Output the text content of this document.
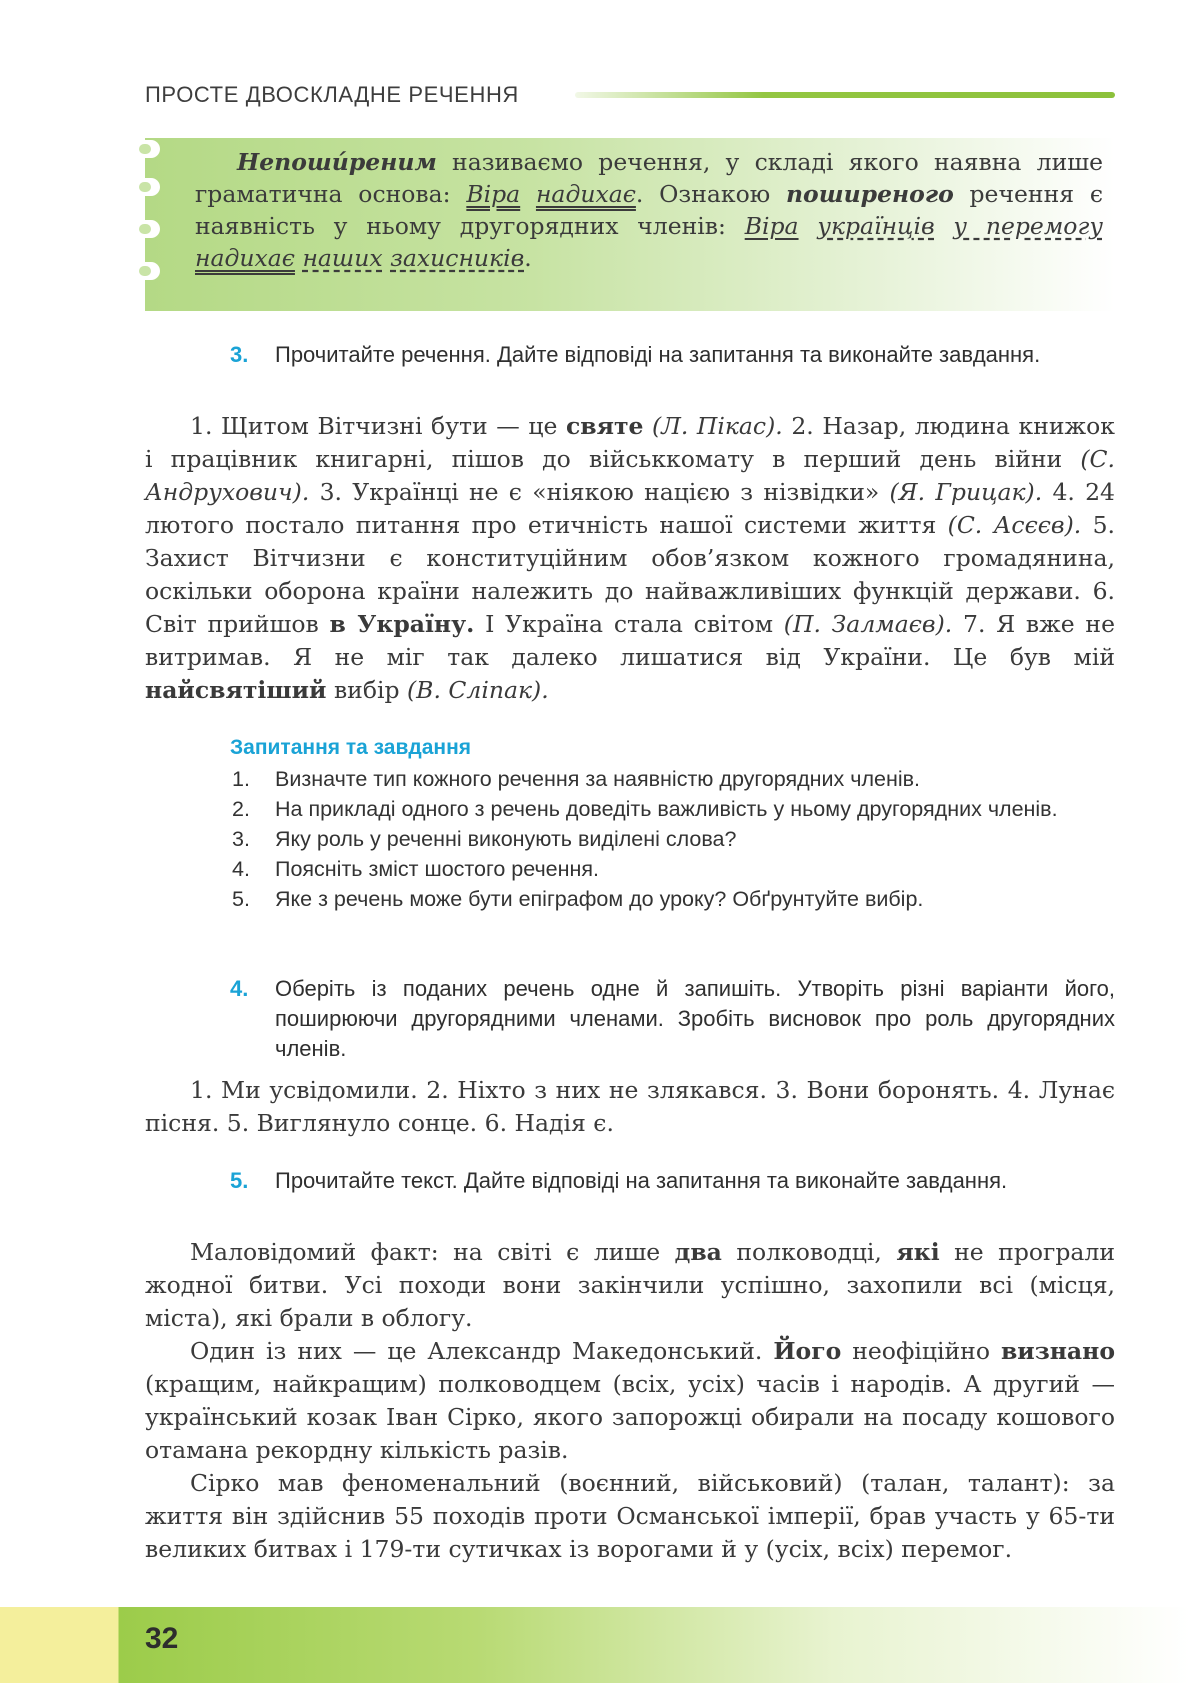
ПРОСТЕ ДВОСКЛАДНЕ РЕЧЕННЯ

Непоши́реним називаємо речення, у складі якого наявна лише граматична основа: Віра надихає. Ознакою поширеного речення є наявність у ньому другорядних членів: Віра українців у перемогу надихає наших захисників.

3. Прочитайте речення. Дайте відповіді на запитання та виконайте завдання.

1. Щитом Вітчизні бути — це святе (Л. Пікас). 2. Назар, людина книжок і працівник книгарні, пішов до військкомату в перший день війни (С. Андрухович). 3. Українці не є «ніякою нацією з нізвідки» (Я. Грицак). 4. 24 лютого постало питання про етичність нашої системи життя (С. Асєєв). 5. Захист Вітчизни є конституційним обов’язком кожного громадянина, оскільки оборона країни належить до найважливіших функцій держави. 6. Світ прийшов в Україну. І Україна стала світом (П. Залмаєв). 7. Я вже не витримав. Я не міг так далеко лишатися від України. Це був мій найсвятіший вибір (В. Сліпак).

Запитання та завдання
1. Визначте тип кожного речення за наявністю другорядних членів.
2. На прикладі одного з речень доведіть важливість у ньому другорядних членів.
3. Яку роль у реченні виконують виділені слова?
4. Поясніть зміст шостого речення.
5. Яке з речень може бути епіграфом до уроку? Обґрунтуйте вибір.
4. Оберіть із поданих речень одне й запишіть. Утворіть різні варіанти його, поширюючи другорядними членами. Зробіть висновок про роль другорядних членів.

1. Ми усвідомили. 2. Ніхто з них не злякався. 3. Вони боронять. 4. Лунає пісня. 5. Виглянуло сонце. 6. Надія є.

5. Прочитайте текст. Дайте відповіді на запитання та виконайте завдання.

Маловідомий факт: на світі є лише два полководці, які не програли жодної битви. Усі походи вони закінчили успішно, захопили всі (місця, міста), які брали в облогу.

Один із них — це Александр Македонський. Його неофіційно визнано (кращим, найкращим) полководцем (всіх, усіх) часів і народів. А другий — український козак Іван Сірко, якого запорожці обирали на посаду кошового отамана рекордну кількість разів.

Сірко мав феноменальний (воєнний, військовий) (талан, талант): за життя він здійснив 55 походів проти Османської імперії, брав участь у 65-ти великих битвах і 179-ти сутичках із ворогами й у (усіх, всіх) перемог.

32
